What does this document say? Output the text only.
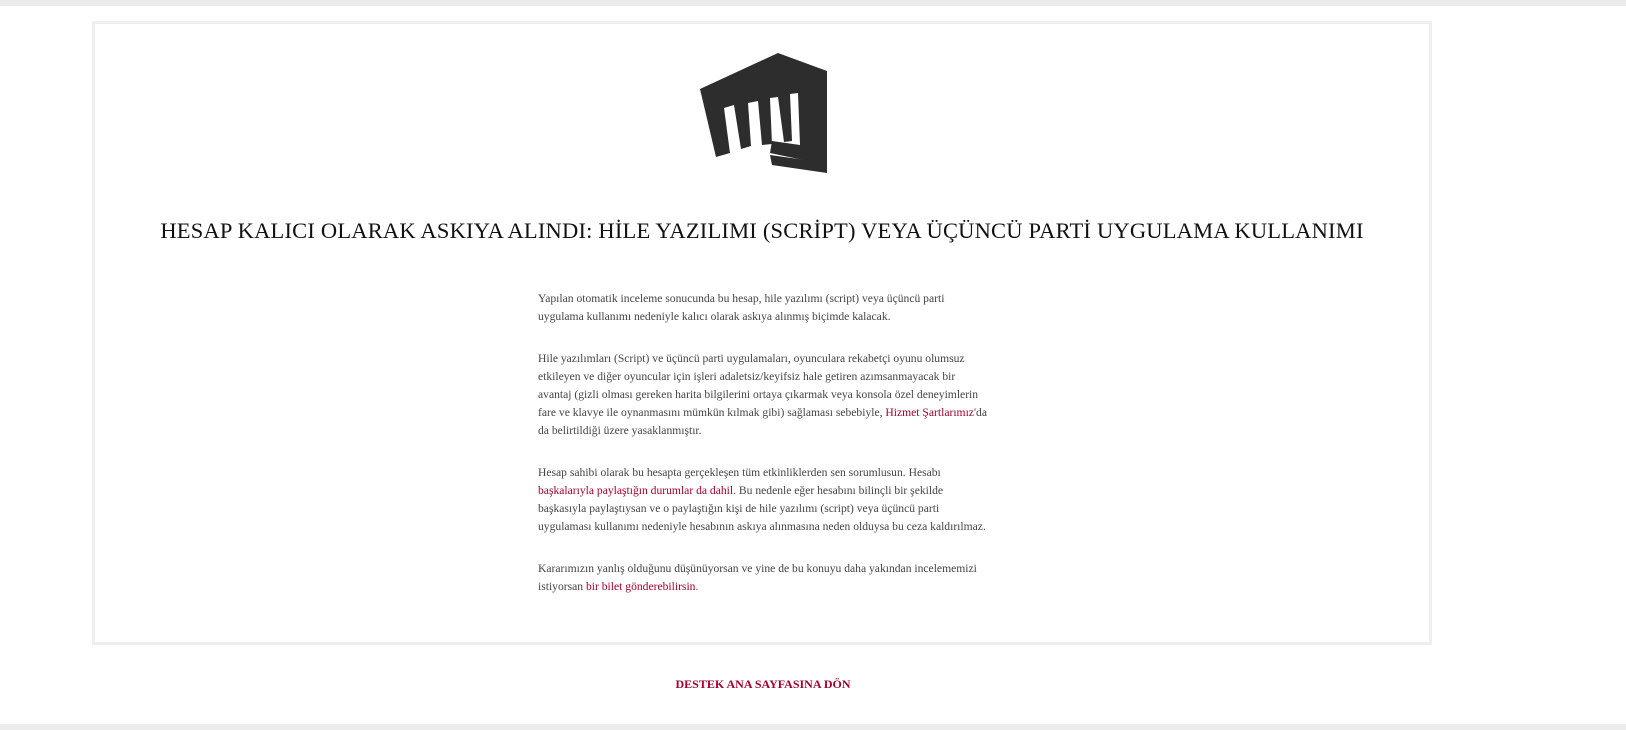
HESAP KALICI OLARAK ASKIYA ALINDI: HİLE YAZILIMI (SCRİPT) VEYA ÜÇÜNCÜ PARTİ UYGULAMA KULLANIMI

Yapılan otomatik inceleme sonucunda bu hesap, hile yazılımı (script) veya üçüncü parti uygulama kullanımı nedeniyle kalıcı olarak askıya alınmış biçimde kalacak.

Hile yazılımları (Script) ve üçüncü parti uygulamaları, oyunculara rekabetçi oyunu olumsuz etkileyen ve diğer oyuncular için işleri adaletsiz/keyifsiz hale getiren azımsanmayacak bir avantaj (gizli olması gereken harita bilgilerini ortaya çıkarmak veya konsola özel deneyimlerin fare ve klavye ile oynanmasını mümkün kılmak gibi) sağlaması sebebiyle, Hizmet Şartlarımız'da da belirtildiği üzere yasaklanmıştır.

Hesap sahibi olarak bu hesapta gerçekleşen tüm etkinliklerden sen sorumlusun. Hesabı başkalarıyla paylaştığın durumlar da dahil. Bu nedenle eğer hesabını bilinçli bir şekilde başkasıyla paylaştıysan ve o paylaştığın kişi de hile yazılımı (script) veya üçüncü parti uygulaması kullanımı nedeniyle hesabının askıya alınmasına neden olduysa bu ceza kaldırılmaz.

Kararımızın yanlış olduğunu düşünüyorsan ve yine de bu konuyu daha yakından incelememizi istiyorsan bir bilet gönderebilirsin.

DESTEK ANA SAYFASINA DÖN
